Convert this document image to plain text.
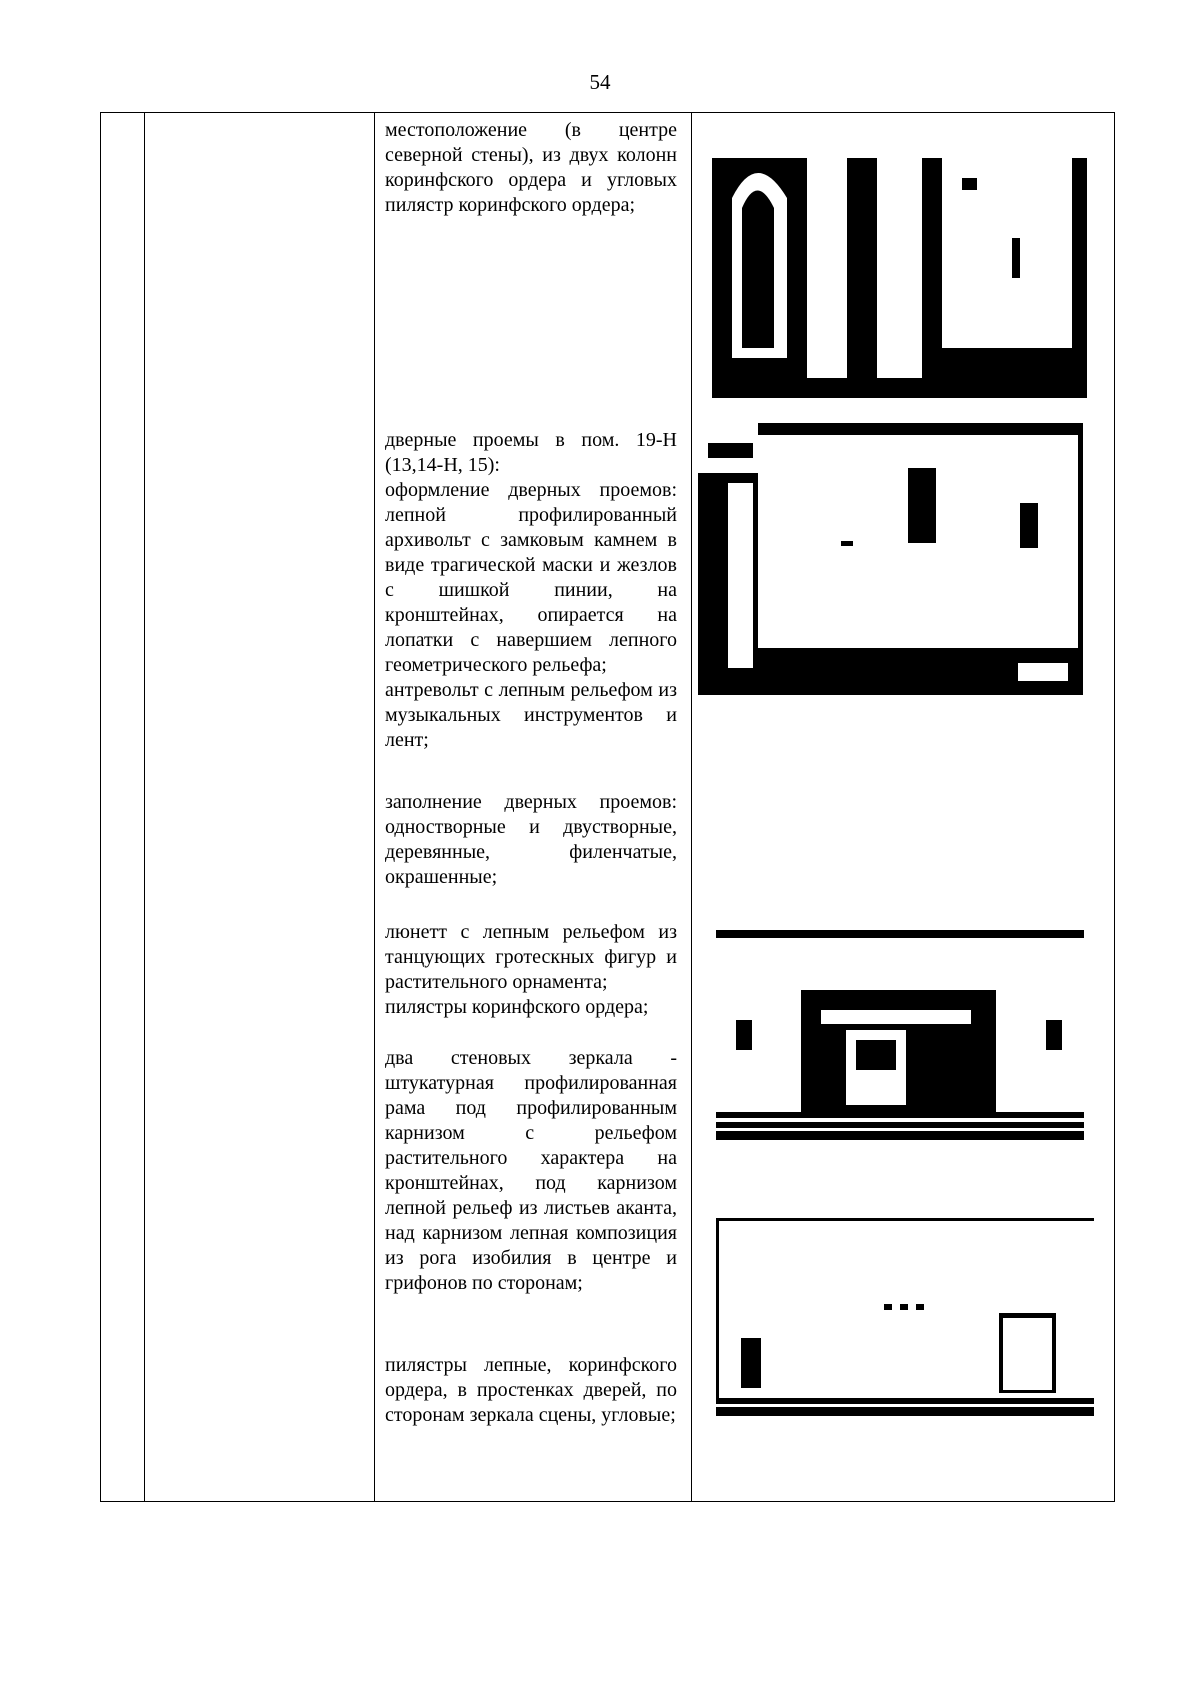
54

местоположение (в центре северной стены), из двух колонн коринфского ордера и угловых пилястр коринфского ордера;

дверные проемы в пом. 19-Н (13,14-Н, 15):

оформление дверных проемов: лепной профилированный архивольт с замковым камнем в виде трагической маски и жезлов с шишкой пинии, на кронштейнах, опирается на лопатки с навершием лепного геометрического рельефа;

антревольт с лепным рельефом из музыкальных инструментов и лент;

заполнение дверных проемов: одностворные и двустворные, деревянные, филенчатые, окрашенные;

люнетт с лепным рельефом из танцующих гротескных фигур и растительного орнамента;

пилястры коринфского ордера;

два стеновых зеркала - штукатурная профилированная рама под профилированным карнизом с рельефом растительного характера на кронштейнах, под карнизом лепной рельеф из листьев аканта, над карнизом лепная композиция из рога изобилия в центре и грифонов по сторонам;

пилястры лепные, коринфского ордера, в простенках дверей, по сторонам зеркала сцены, угловые;
